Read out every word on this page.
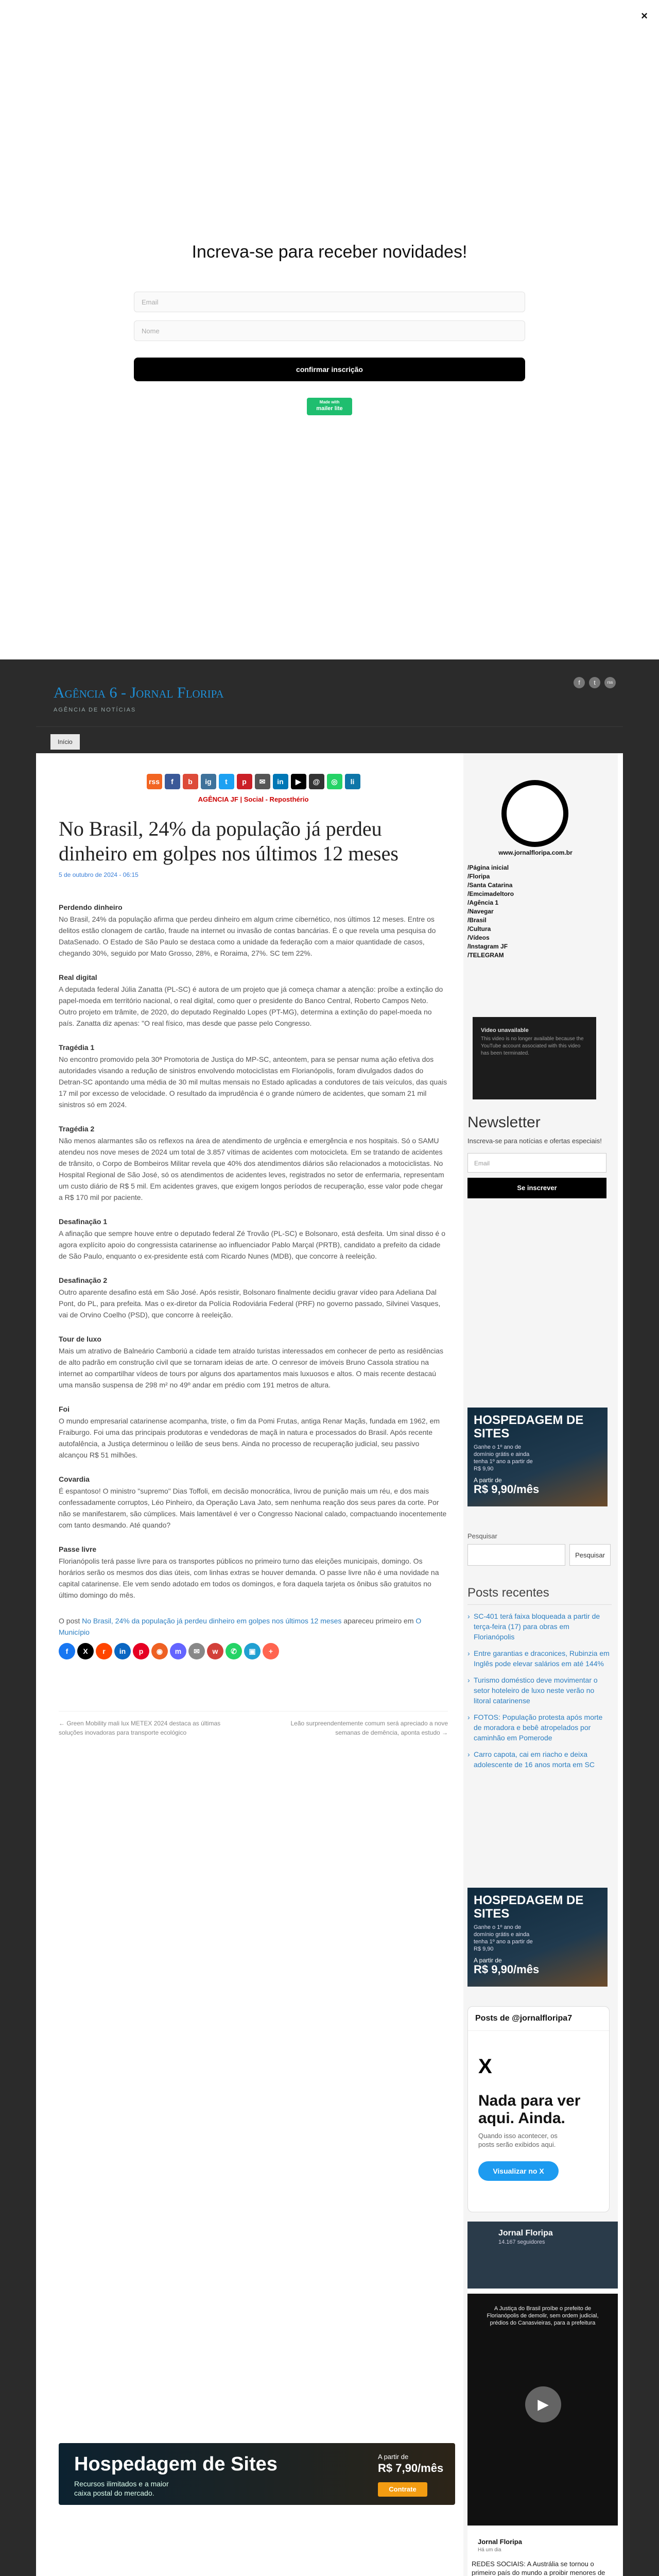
×
Increva-se para receber novidades!
Email
Nome
confirmar inscrição
Made with
mailer lite
Agência 6 - Jornal Floripa
AGÊNCIA DE NOTÍCIAS
f	t	rss
Início
rss	f	b	ig	t	p	✉	in	▶	@	◎	li
AGÊNCIA JF | Social - Reposthério
No Brasil, 24% da população já perdeu dinheiro em golpes nos últimos 12 meses
5 de outubro de 2024 - 06:15
Perdendo dinheiro
No Brasil, 24% da população afirma que perdeu dinheiro em algum crime cibernético, nos últimos 12 meses. Entre os delitos estão clonagem de cartão, fraude na internet ou invasão de contas bancárias. É o que revela uma pesquisa do DataSenado. O Estado de São Paulo se destaca como a unidade da federação com a maior quantidade de casos, chegando 30%, seguido por Mato Grosso, 28%, e Roraima, 27%. SC tem 22%.
Real digital
A deputada federal Júlia Zanatta (PL-SC) é autora de um projeto que já começa chamar a atenção: proíbe a extinção do papel-moeda em território nacional, o real digital, como quer o presidente do Banco Central, Roberto Campos Neto. Outro projeto em trâmite, de 2020, do deputado Reginaldo Lopes (PT-MG), determina a extinção do papel-moeda no país. Zanatta diz apenas: "O real físico, mas desde que passe pelo Congresso.
Tragédia 1
No encontro promovido pela 30ª Promotoria de Justiça do MP-SC, anteontem, para se pensar numa ação efetiva dos autoridades visando a redução de sinistros envolvendo motociclistas em Florianópolis, foram divulgados dados do Detran-SC apontando uma média de 30 mil multas mensais no Estado aplicadas a condutores de tais veículos, das quais 17 mil por excesso de velocidade. O resultado da imprudência é o grande número de acidentes, que somam 21 mil sinistros só em 2024.
Tragédia 2
Não menos alarmantes são os reflexos na área de atendimento de urgência e emergência e nos hospitais. Só o SAMU atendeu nos nove meses de 2024 um total de 3.857 vítimas de acidentes com motocicleta. Em se tratando de acidentes de trânsito, o Corpo de Bombeiros Militar revela que 40% dos atendimentos diários são relacionados a motociclistas. No Hospital Regional de São José, só os atendimentos de acidentes leves, registrados no setor de enfermaria, representam um custo diário de R$ 5 mil. Em acidentes graves, que exigem longos períodos de recuperação, esse valor pode chegar a R$ 170 mil por paciente.
Desafinação 1
A afinação que sempre houve entre o deputado federal Zé Trovão (PL-SC) e Bolsonaro, está desfeita. Um sinal disso é o agora explícito apoio do congressista catarinense ao influenciador Pablo Marçal (PRTB), candidato a prefeito da cidade de São Paulo, enquanto o ex-presidente está com Ricardo Nunes (MDB), que concorre à reeleição.
Desafinação 2
Outro aparente desafino está em São José. Após resistir, Bolsonaro finalmente decidiu gravar vídeo para Adeliana Dal Pont, do PL, para prefeita. Mas o ex-diretor da Polícia Rodoviária Federal (PRF) no governo passado, Silvinei Vasques, vai de Orvino Coelho (PSD), que concorre à reeleição.
Tour de luxo
Mais um atrativo de Balneário Camboriú a cidade tem atraído turistas interessados em conhecer de perto as residências de alto padrão em construção civil que se tornaram ideias de arte. O cenresor de imóveis Bruno Cassola stratiou na internet ao compartilhar vídeos de tours por alguns dos apartamentos mais luxuosos e altos. O mais recente destacaú uma mansão suspensa de 298 m² no 49º andar em prédio com 191 metros de altura.
Foi
O mundo empresarial catarinense acompanha, triste, o fim da Pomi Frutas, antiga Renar Maçãs, fundada em 1962, em Fraiburgo. Foi uma das principais produtoras e vendedoras de maçã in natura e processados do Brasil. Após recente autofalência, a Justiça determinou o leilão de seus bens. Ainda no processo de recuperação judicial, seu passivo alcançou R$ 51 milhões.
Covardia
É espantoso! O ministro "supremo" Dias Toffoli, em decisão monocrática, livrou de punição mais um réu, e dos mais confessadamente corruptos, Léo Pinheiro, da Operação Lava Jato, sem nenhuma reação dos seus pares da corte. Por não se manifestarem, são cúmplices. Mais lamentável é ver o Congresso Nacional calado, compactuando inocentemente com tanto desmando. Até quando?
Passe livre
Florianópolis terá passe livre para os transportes públicos no primeiro turno das eleições municipais, domingo. Os horários serão os mesmos dos dias úteis, com linhas extras se houver demanda. O passe livre não é uma novidade na capital catarinense. Ele vem sendo adotado em todos os domingos, e fora daquela tarjeta os ônibus são gratuitos no último domingo do mês.
O post No Brasil, 24% da população já perdeu dinheiro em golpes nos últimos 12 meses apareceu primeiro em O Município
f	X	r	in	p	◉	m	✉	w	✆	▣	+
← Green Mobility mali lux METEX 2024 destaca as últimas soluções inovadoras para transporte ecológico
Leão surpreendentemente comum será apreciado a nove semanas de demência, aponta estudo →
Hospedagem de Sites
Recursos ilimitados e a maior
caixa postal do mercado.
A partir de
R$ 7,90/mês
Contrate
www.jornalfloripa.com.br
/Página inicial
/Floripa
/Santa Catarina
/Emcimadeltoro
/Agência 1
/Navegar
/Brasil
/Cultura
/Vídeos
/Instagram JF
/TELEGRAM
Video unavailable
This video is no longer available because the YouTube account associated with this video has been terminated.
Newsletter

Inscreva-se para notícias e ofertas especiais!

Email
Se inscrever
HOSPEDAGEM DE SITES
Ganhe o 1º ano de domínio grátis e ainda tenha 1º ano a partir de R$ 9,90
A partir de
R$ 9,90/mês
Pesquisar
Pesquisar
Posts recentes
› SC-401 terá faixa bloqueada a partir de terça-feira (17) para obras em Florianópolis
› Entre garantias e draconices, Rubinzia em Inglês pode elevar salários em até 144%
› Turismo doméstico deve movimentar o setor hoteleiro de luxo neste verão no litoral catarinense
› FOTOS: População protesta após morte de moradora e bebê atropelados por caminhão em Pomerode
› Carro capota, cai em riacho e deixa adolescente de 16 anos morta em SC
HOSPEDAGEM DE SITES
Ganhe o 1º ano de domínio grátis e ainda tenha 1º ano a partir de R$ 9,90
A partir de
R$ 9,90/mês
Posts de @jornalfloripa7
X
Nada para ver aqui. Ainda.
Quando isso acontecer, os posts serão exibidos aqui.
Visualizar no X
Jornal Floripa
14.167 seguidores
A Justiça do Brasil proíbe o prefeito de Florianópolis de demolir, sem ordem judicial, prédios do Canasvieiras, para a prefeitura
▶
Jornal Floripa
Há um dia
REDES SOCIAIS: A Austrália se tornou o primeiro país do mundo a proibir menores de
